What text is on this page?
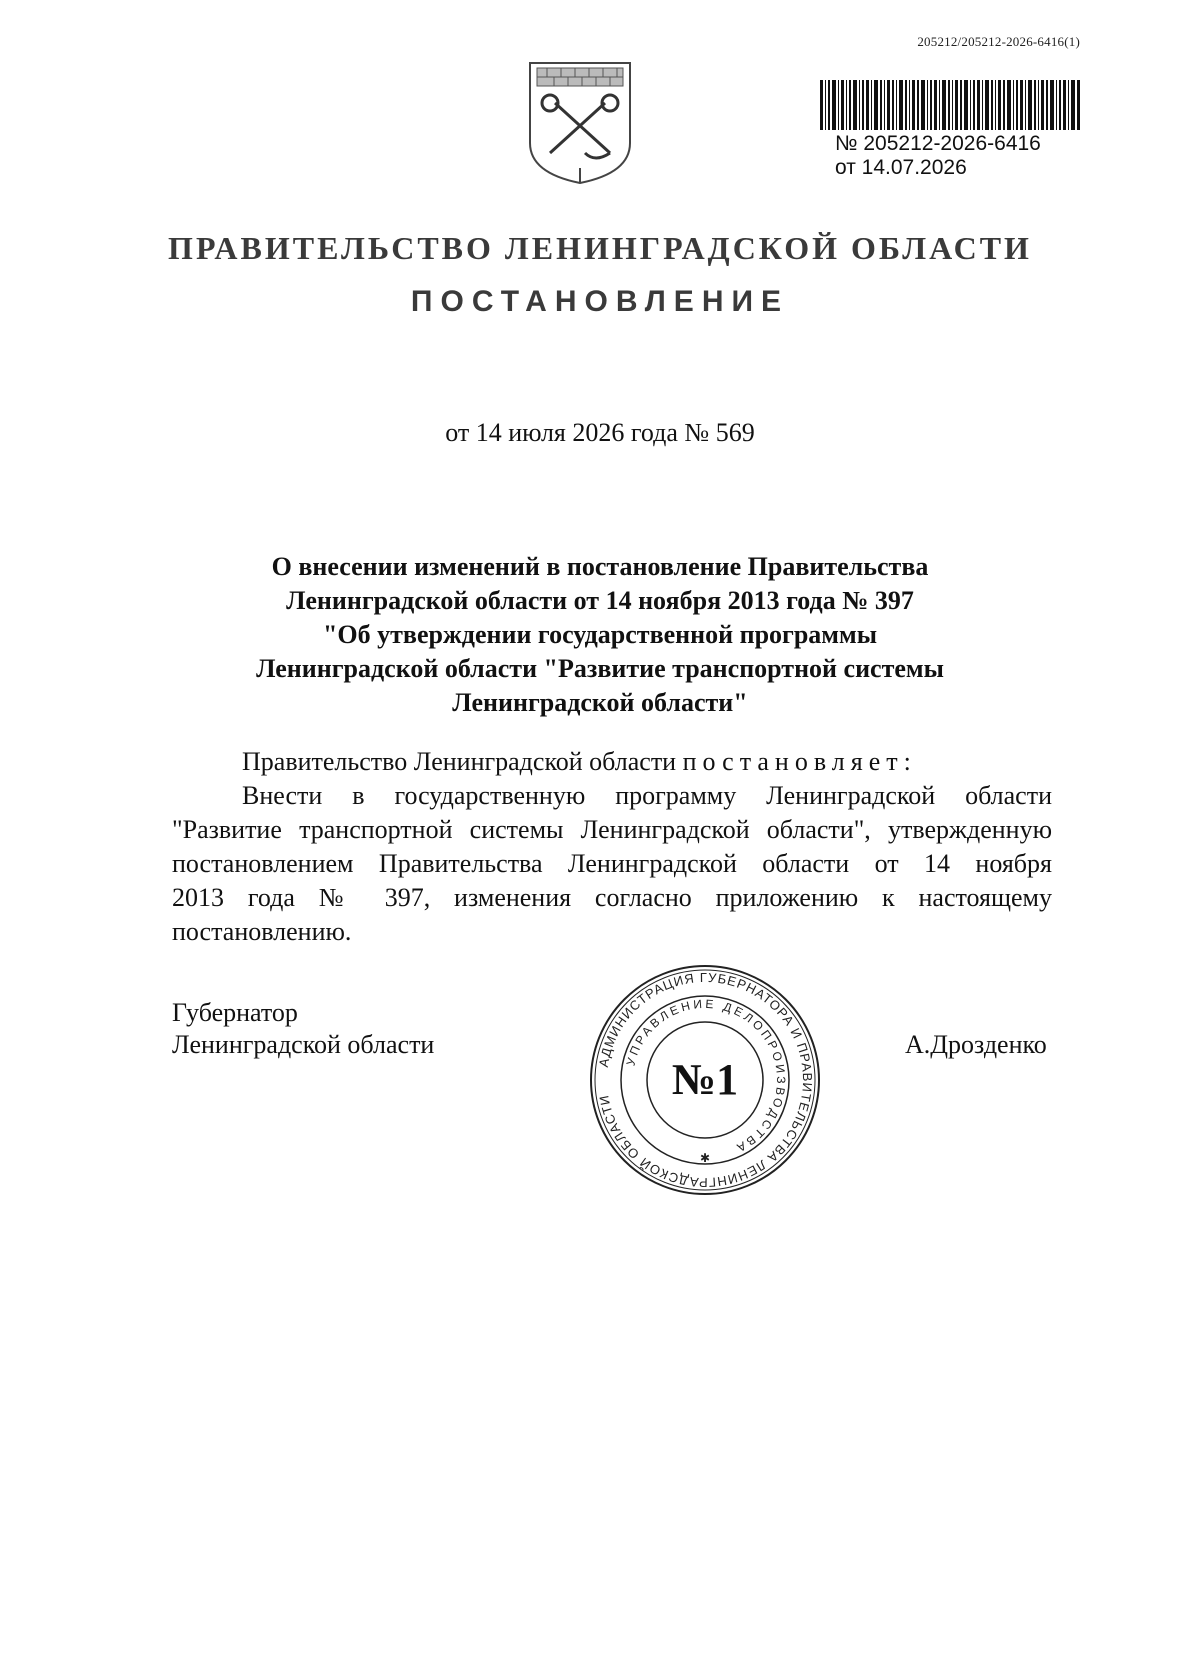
205212/205212-2026-6416(1)
№ 205212-2026-6416
от 14.07.2026
ПРАВИТЕЛЬСТВО ЛЕНИНГРАДСКОЙ ОБЛАСТИ
ПОСТАНОВЛЕНИЕ
от 14 июля 2026 года № 569
О внесении изменений в постановление Правительства
Ленинградской области от 14 ноября 2013 года № 397
"Об утверждении государственной программы
Ленинградской области "Развитие транспортной системы
Ленинградской области"
Правительство Ленинградской области постановляет:
Внести в государственную программу Ленинградской области
"Развитие транспортной системы Ленинградской области", утвержденную
постановлением Правительства Ленинградской области от 14 ноября
2013 года № 397, изменения согласно приложению к настоящему
постановлению.
Губернатор
Ленинградской области	А.Дрозденко
АДМИНИСТРАЦИЯ ГУБЕРНАТОРА И ПРАВИТЕЛЬСТВА ЛЕНИНГРАДСКОЙ ОБЛАСТИ
УПРАВЛЕНИЕ ДЕЛОПРОИЗВОДСТВА
№1
✱
